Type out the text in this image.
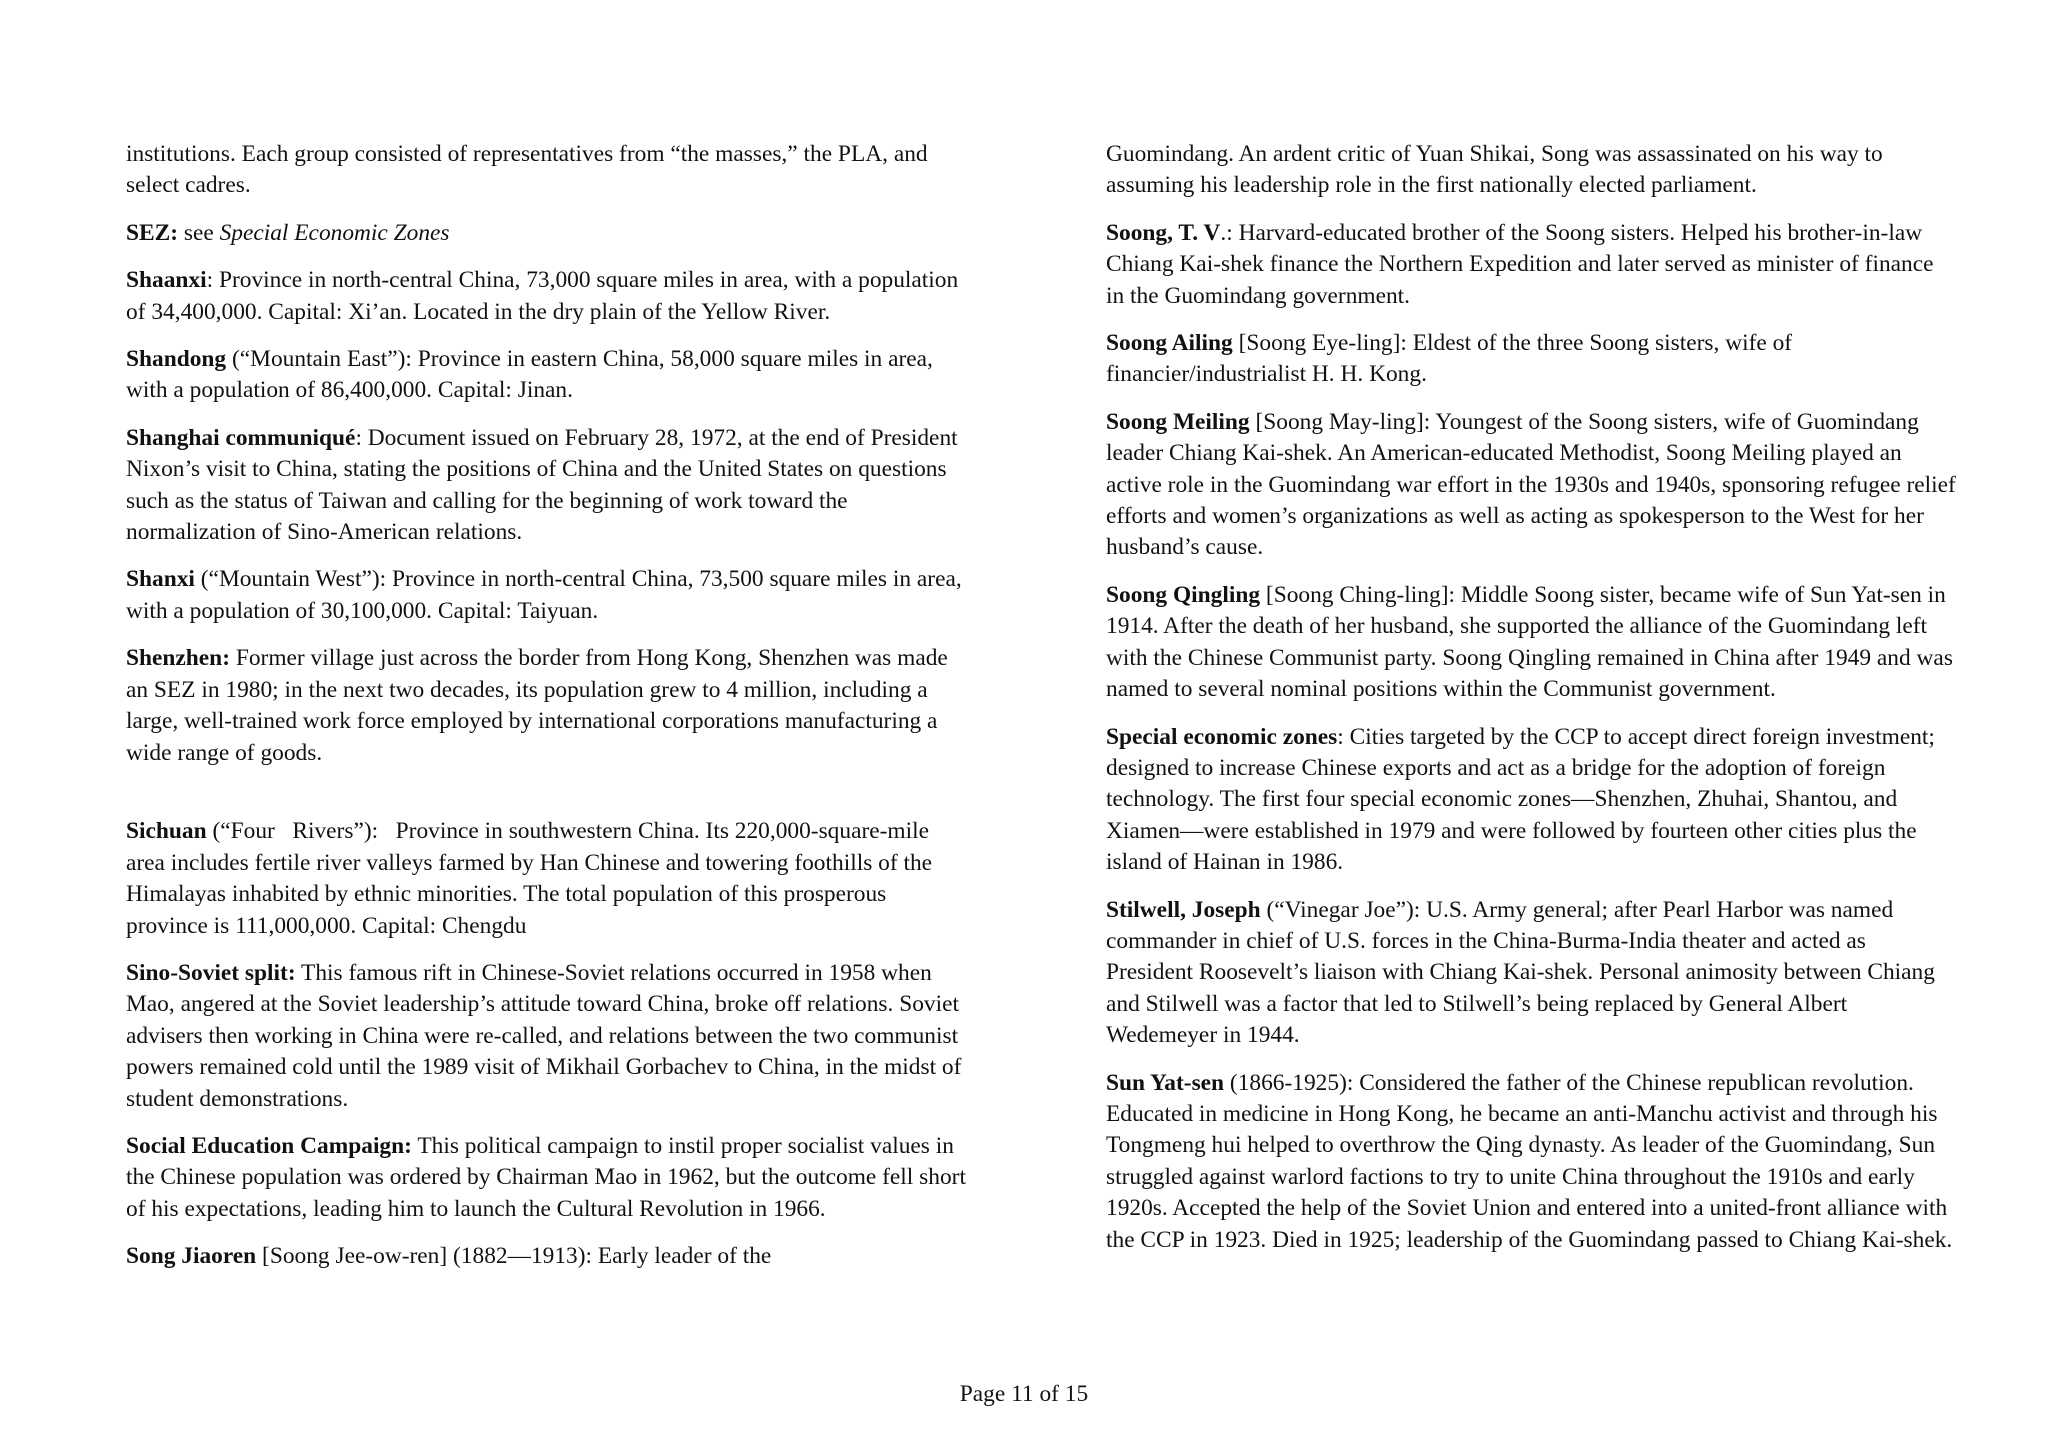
institutions. Each group consisted of representatives from “the masses,” the PLA, and select cadres.

SEZ: see Special Economic Zones

Shaanxi: Province in north-central China, 73,000 square miles in area, with a population of 34,400,000. Capital: Xi’an. Located in the dry plain of the Yellow River.

Shandong (“Mountain East”): Province in eastern China, 58,000 square miles in area, with a population of 86,400,000. Capital: Jinan.

Shanghai communiqué: Document issued on February 28, 1972, at the end of President Nixon’s visit to China, stating the positions of China and the United States on questions such as the status of Taiwan and calling for the beginning of work toward the normalization of Sino-American relations.

Shanxi (“Mountain West”): Province in north-central China, 73,500 square miles in area, with a population of 30,100,000. Capital: Taiyuan.

Shenzhen: Former village just across the border from Hong Kong, Shenzhen was made an SEZ in 1980; in the next two decades, its population grew to 4 million, including a large, well-trained work force employed by international corporations manufacturing a wide range of goods.

Sichuan (“Four   Rivers”):   Province in southwestern China. Its 220,000-square-mile area includes fertile river valleys farmed by Han Chinese and towering foothills of the Himalayas inhabited by ethnic minorities. The total population of this prosperous province is 111,000,000. Capital: Chengdu

Sino-Soviet split: This famous rift in Chinese-Soviet relations occurred in 1958 when Mao, angered at the Soviet leadership’s attitude toward China, broke off relations. Soviet advisers then working in China were re-called, and relations between the two communist powers remained cold until the 1989 visit of Mikhail Gorbachev to China, in the midst of student demonstrations.

Social Education Campaign: This political campaign to instil proper socialist values in the Chinese population was ordered by Chairman Mao in 1962, but the outcome fell short of his expectations, leading him to launch the Cultural Revolution in 1966.

Song Jiaoren [Soong Jee-ow-ren] (1882—1913): Early leader of the

Guomindang. An ardent critic of Yuan Shikai, Song was assassinated on his way to assuming his leadership role in the first nationally elected parliament.

Soong, T. V.: Harvard-educated brother of the Soong sisters. Helped his brother-in-law Chiang Kai-shek finance the Northern Expedition and later served as minister of finance in the Guomindang government.

Soong Ailing [Soong Eye-ling]: Eldest of the three Soong sisters, wife of financier/industrialist H. H. Kong.

Soong Meiling [Soong May-ling]: Youngest of the Soong sisters, wife of Guomindang leader Chiang Kai-shek. An American-educated Methodist, Soong Meiling played an active role in the Guomindang war effort in the 1930s and 1940s, sponsoring refugee relief efforts and women’s organizations as well as acting as spokesperson to the West for her husband’s cause.

Soong Qingling [Soong Ching-ling]: Middle Soong sister, became wife of Sun Yat-sen in 1914. After the death of her husband, she supported the alliance of the Guomindang left with the Chinese Communist party. Soong Qingling remained in China after 1949 and was named to several nominal positions within the Communist government.

Special economic zones: Cities targeted by the CCP to accept direct foreign investment; designed to increase Chinese exports and act as a bridge for the adoption of foreign technology. The first four special economic zones—Shenzhen, Zhuhai, Shantou, and Xiamen—were established in 1979 and were followed by fourteen other cities plus the island of Hainan in 1986.

Stilwell, Joseph (“Vinegar Joe”): U.S. Army general; after Pearl Harbor was named commander in chief of U.S. forces in the China-Burma-India theater and acted as President Roosevelt’s liaison with Chiang Kai-shek. Personal animosity between Chiang and Stilwell was a factor that led to Stilwell’s being replaced by General Albert Wedemeyer in 1944.

Sun Yat-sen (1866-1925): Considered the father of the Chinese republican revolution. Educated in medicine in Hong Kong, he became an anti-Manchu activist and through his Tongmeng hui helped to overthrow the Qing dynasty. As leader of the Guomindang, Sun struggled against warlord factions to try to unite China throughout the 1910s and early 1920s. Accepted the help of the Soviet Union and entered into a united-front alliance with the CCP in 1923. Died in 1925; leadership of the Guomindang passed to Chiang Kai-shek.

Page 11 of 15
